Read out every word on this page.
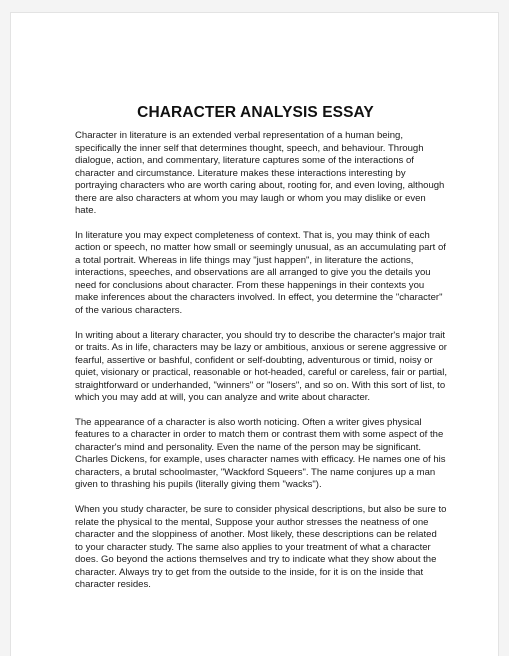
CHARACTER ANALYSIS ESSAY

Character in literature is an extended verbal representation of a human being, specifically the inner self that determines thought, speech, and behaviour. Through dialogue, action, and commentary, literature captures some of the interactions of character and circumstance. Literature makes these interactions interesting by portraying characters who are worth caring about, rooting for, and even loving, although there are also characters at whom you may laugh or whom you may dislike or even hate.

In literature you may expect completeness of context. That is, you may think of each action or speech, no matter how small or seemingly unusual, as an accumulating part of a total portrait. Whereas in life things may "just happen", in literature the actions, interactions, speeches, and observations are all arranged to give you the details you need for conclusions about character. From these happenings in their contexts you make inferences about the characters involved. In effect, you determine the "character" of the various characters.

In writing about a literary character, you should try to describe the character's major trait or traits. As in life, characters may be lazy or ambitious, anxious or serene aggressive or fearful, assertive or bashful, confident or self-doubting, adventurous or timid, noisy or quiet, visionary or practical, reasonable or hot-headed, careful or careless, fair or partial, straightforward or underhanded, "winners" or "losers", and so on. With this sort of list, to which you may add at will, you can analyze and write about character.

The appearance of a character is also worth noticing. Often a writer gives physical features to a character in order to match them or contrast them with some aspect of the character's mind and personality. Even the name of the person may be significant. Charles Dickens, for example, uses character names with efficacy. He names one of his characters, a brutal schoolmaster, "Wackford Squeers". The name conjures up a man given to thrashing his pupils (literally giving them "wacks").

When you study character, be sure to consider physical descriptions, but also be sure to relate the physical to the mental, Suppose your author stresses the neatness of one character and the sloppiness of another. Most likely, these descriptions can be related to your character study. The same also applies to your treatment of what a character does. Go beyond the actions themselves and try to indicate what they show about the character. Always try to get from the outside to the inside, for it is on the inside that character resides.
